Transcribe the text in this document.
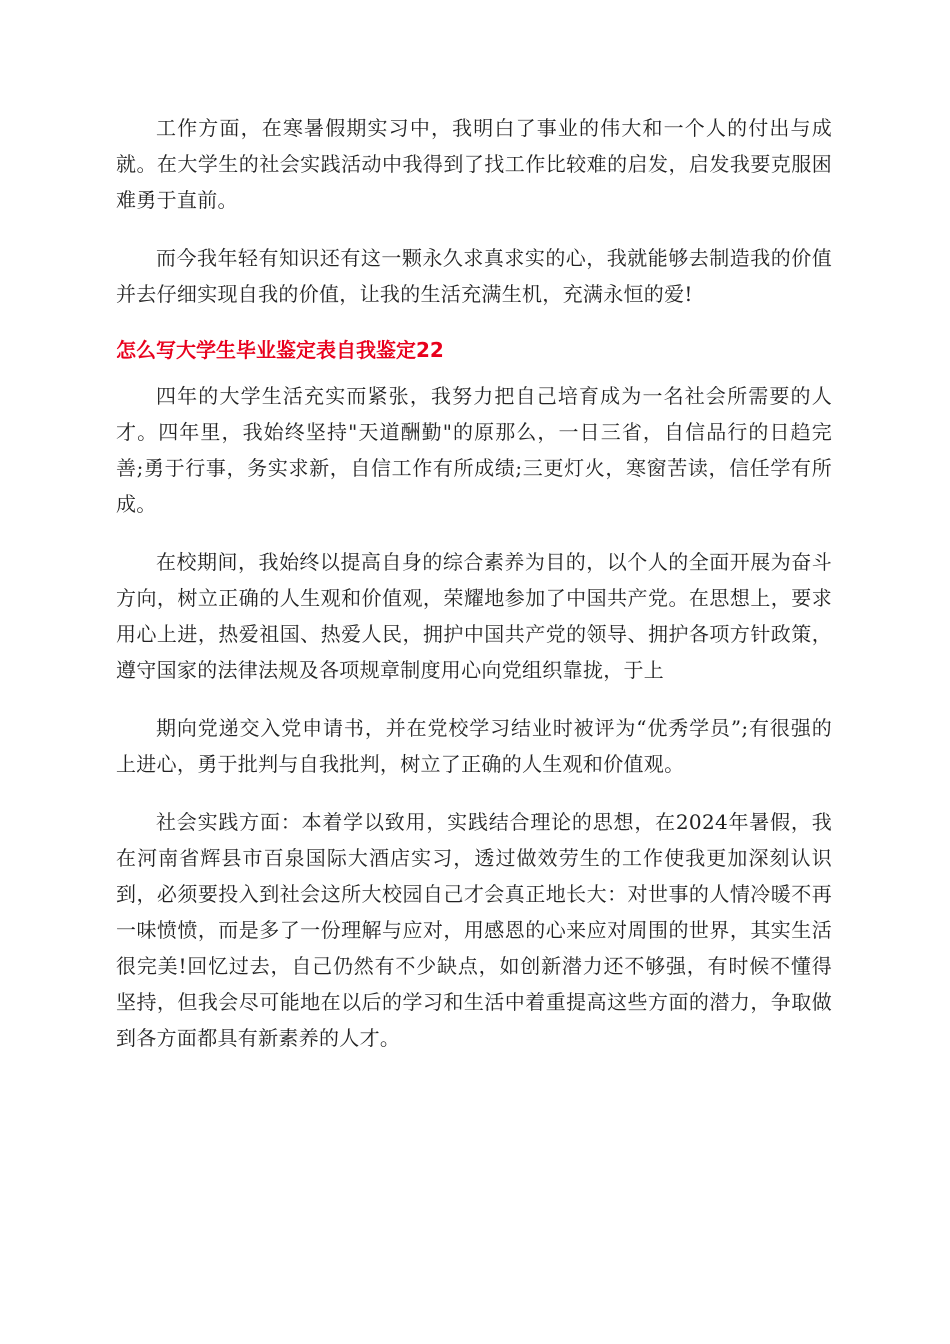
工作方面，在寒暑假期实习中，我明白了事业的伟大和一个人的付出与成就。在大学生的社会实践活动中我得到了找工作比较难的启发，启发我要克服困难勇于直前。

而今我年轻有知识还有这一颗永久求真求实的心，我就能够去制造我的价值并去仔细实现自我的价值，让我的生活充满生机，充满永恒的爱!

怎么写大学生毕业鉴定表自我鉴定22

四年的大学生活充实而紧张，我努力把自己培育成为一名社会所需要的人才。四年里，我始终坚持"天道酬勤"的原那么，一日三省，自信品行的日趋完善;勇于行事，务实求新，自信工作有所成绩;三更灯火，寒窗苦读，信任学有所成。

在校期间，我始终以提高自身的综合素养为目的，以个人的全面开展为奋斗方向，树立正确的人生观和价值观，荣耀地参加了中国共产党。在思想上，要求用心上进，热爱祖国、热爱人民，拥护中国共产党的领导、拥护各项方针政策，遵守国家的法律法规及各项规章制度用心向党组织靠拢，于上

期向党递交入党申请书，并在党校学习结业时被评为“优秀学员”;有很强的上进心，勇于批判与自我批判，树立了正确的人生观和价值观。

社会实践方面：本着学以致用，实践结合理论的思想，在2024年暑假，我在河南省辉县市百泉国际大酒店实习，透过做效劳生的工作使我更加深刻认识到，必须要投入到社会这所大校园自己才会真正地长大：对世事的人情冷暖不再一味愤愤，而是多了一份理解与应对，用感恩的心来应对周围的世界，其实生活很完美!回忆过去，自己仍然有不少缺点，如创新潜力还不够强，有时候不懂得坚持，但我会尽可能地在以后的学习和生活中着重提高这些方面的潜力，争取做到各方面都具有新素养的人才。
